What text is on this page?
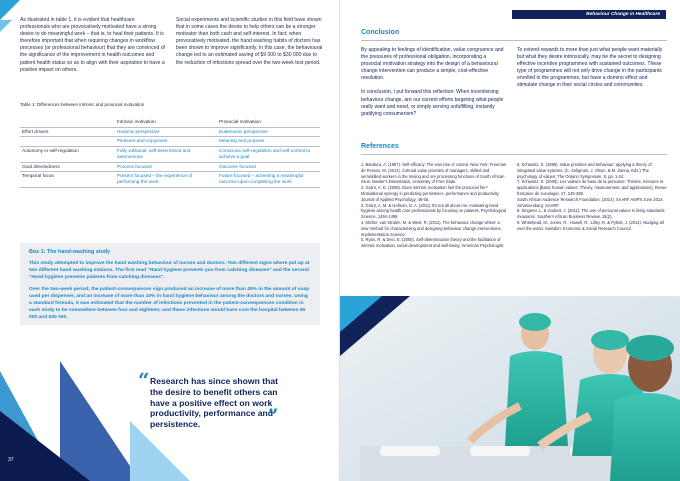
As illustrated in table 1, it is evident that healthcare professionals who are provocatively motivated have a strong desire to do meaningful work – that is, to heal their patients. It is therefore important that when requiring changes in workflow processes (or professional behaviour) that they are convinced of the significance of the improvement in health outcomes and patient health status so as to align with their aspiration to have a positive impact on others.
Social experiments and scientific studies in this field have shown that in some cases the desire to help others can be a stronger motivator than both cash and self-interest. In fact, when provocatively motivated, the hand washing habits of doctors has been shown to improve significantly. In this case, the behavioural change led to an estimated saving of $9 000 to $30 000 due to the reduction of infections spread over the two-week test period.
Table 1: Differences between intrinsic and prosocial motivation
	Intrinsic motivation	Prosocial motivation
Effort drivers	Hedonic perspective	Eudemonic perspective
	Pleasure and enjoyment	Meaning and purpose
Autonomy in self-regulation	Fully volitional, self-determined and autonomous	Conscious self-regulation and self-control to achieve a goal
Goal directedness	Process focused	Outcome focused
Temporal focus	Present focused – the experience of performing the work	Future focused – achieving a meaningful outcome upon completing the work
Box 1: The hand-washing study
This study attempted to improve the hand washing behaviour of nurses and doctors. Two different signs where put up at two different hand washing stations. The first read "Hand hygiene prevents you from catching diseases" and the second "Hand hygiene prevents patients from catching diseases".
Over the two-week period, the patient-consequences sign produced an increase of more than 45% in the amount of soap used per dispenser, and an increase of more than 10% in hand hygiene behaviour among the doctors and nurses. Using a standard formula, it was estimated that the number of infections prevented in the patient-consequences condition in each study to be somewhere between four and eighteen; and these infections would have cost the hospital between $9 000 and $30 000.
“ Research has since shown that the desire to benefit others can have a positive effect on work productivity, performance and persistence.	”
37
Behaviour Change in Healthcare
Conclusion

By appealing to feelings of identification, value congruence and the pressures of professional obligation, incorporating a prosocial motivation strategy into the design of a behavioural change intervention can produce a simple, cost-effective resolution.

In conclusion, I put forward this reflection: When incentivising behaviour change, are our current efforts targeting what people really want and need, or simply serving unfulfilling, instantly gratifying consumerism?

To extend rewards to more than just what people want materially but what they desire intrinsically, may be the secret to designing effective incentive programmes with sustained outcomes. These type of programmes will not only drive change in the participants enrolled in the programmes, but have a domino effect and stimulate change in their social circles and communities.

References
1. Bandura, A. (1997). Self-efficacy: The exercise of control. New York: Freeman de Pessos, M. (2014). Cultural value priorities of managers, skilled and semiskilled workers in the mining and ore processing functions of South African mine, Master's Dissertation, University of Free State.
2. Grant, A. D. (2008). Does intrinsic motivation fuel the prosocial fire? Motivational synergy in predicting persistence, performance and productivity. Journal of Applied Psychology, 48-58.
3. Grant, A. M. & Hofman, D. A. (2011).It's not all about me: motivating hand hygiene among health care professionals by focusing on patients, Psychological Science, 1494-1499.
4. Michie, van Stralen, M. & West, R. (2011). The behaviour change wheel: a new method for characterising and designing behaviour change interventions, Implementation Science.
5. Ryan, R. & Deci, E. (2000). Self-determination theory and the facilitation of intrinsic motivation, social development and well-being. American Psychologist.
6. Schwartz, S. (1996). Value priorities and behaviour: applying a theory of integrated value systems, (C. Seligman, J. Olson, & M. Zanna, Eds.) The psychology of values: The Ontario Symposium, 8, pp. 1-24.
7. Schwartz, S. (2006). Les valeurs de base de la personne: Théorie, mesures et applications [Basic human values: Theory, measurement, and applications]. Revue française de sociologie, 47, 249-288.
South African Audience Research Foundation. (2014). SAARF AMPS June 2014. Johannesburg: SAARF.
8. Singerer, L. & Joubert, J. (2011). The use of personal values in living standards measures. Southern African Business Review, 15(2).
9. Whitehead, M., Jones, R., Howell, R., Lilley, R. & Pykett, J. (2014). Nudging all over the world. Swindon: Economic & Social Research Council.
